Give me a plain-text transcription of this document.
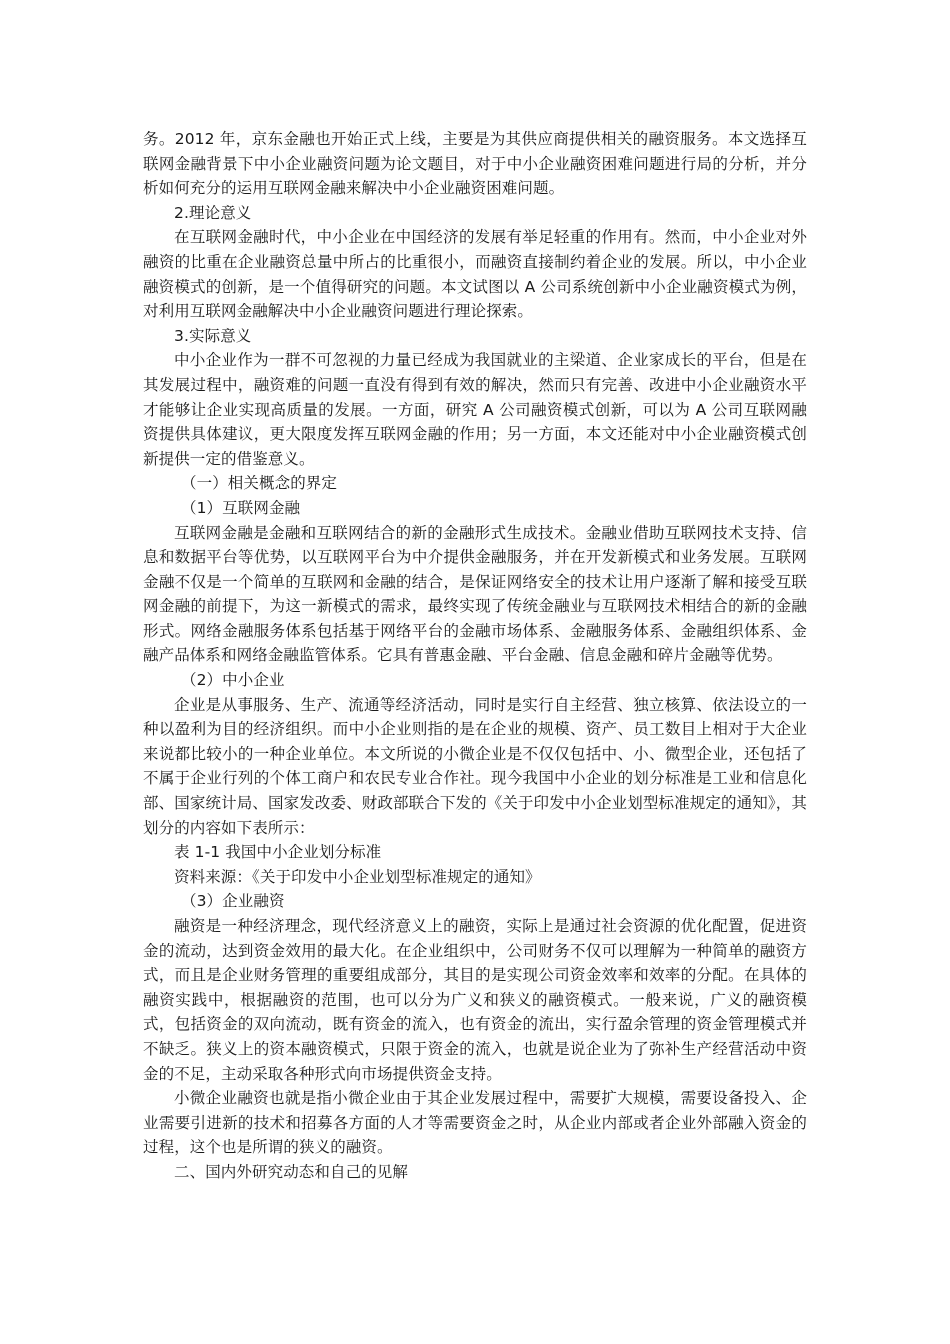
务。2012 年，京东金融也开始正式上线，主要是为其供应商提供相关的融资服务。本文选择互联网金融背景下中小企业融资问题为论文题目，对于中小企业融资困难问题进行局的分析，并分析如何充分的运用互联网金融来解决中小企业融资困难问题。

2.理论意义

在互联网金融时代，中小企业在中国经济的发展有举足轻重的作用有。然而，中小企业对外融资的比重在企业融资总量中所占的比重很小，而融资直接制约着企业的发展。所以，中小企业融资模式的创新，是一个值得研究的问题。本文试图以 A 公司系统创新中小企业融资模式为例，对利用互联网金融解决中小企业融资问题进行理论探索。

3.实际意义

中小企业作为一群不可忽视的力量已经成为我国就业的主梁道、企业家成长的平台，但是在其发展过程中，融资难的问题一直没有得到有效的解决，然而只有完善、改进中小企业融资水平才能够让企业实现高质量的发展。一方面，研究 A 公司融资模式创新，可以为 A 公司互联网融资提供具体建议，更大限度发挥互联网金融的作用；另一方面，本文还能对中小企业融资模式创新提供一定的借鉴意义。

（一）相关概念的界定

（1）互联网金融

互联网金融是金融和互联网结合的新的金融形式生成技术。金融业借助互联网技术支持、信息和数据平台等优势，以互联网平台为中介提供金融服务，并在开发新模式和业务发展。互联网金融不仅是一个简单的互联网和金融的结合，是保证网络安全的技术让用户逐渐了解和接受互联网金融的前提下，为这一新模式的需求，最终实现了传统金融业与互联网技术相结合的新的金融形式。网络金融服务体系包括基于网络平台的金融市场体系、金融服务体系、金融组织体系、金融产品体系和网络金融监管体系。它具有普惠金融、平台金融、信息金融和碎片金融等优势。

（2）中小企业

企业是从事服务、生产、流通等经济活动，同时是实行自主经营、独立核算、依法设立的一种以盈利为目的经济组织。而中小企业则指的是在企业的规模、资产、员工数目上相对于大企业来说都比较小的一种企业单位。本文所说的小微企业是不仅仅包括中、小、微型企业，还包括了不属于企业行列的个体工商户和农民专业合作社。现今我国中小企业的划分标准是工业和信息化部、国家统计局、国家发改委、财政部联合下发的《关于印发中小企业划型标准规定的通知》，其划分的内容如下表所示：

表 1-1 我国中小企业划分标准

资料来源：《关于印发中小企业划型标准规定的通知》

（3）企业融资

融资是一种经济理念，现代经济意义上的融资，实际上是通过社会资源的优化配置，促进资金的流动，达到资金效用的最大化。在企业组织中，公司财务不仅可以理解为一种简单的融资方式，而且是企业财务管理的重要组成部分，其目的是实现公司资金效率和效率的分配。在具体的融资实践中，根据融资的范围，也可以分为广义和狭义的融资模式。一般来说，广义的融资模式，包括资金的双向流动，既有资金的流入，也有资金的流出，实行盈余管理的资金管理模式并不缺乏。狭义上的资本融资模式，只限于资金的流入，也就是说企业为了弥补生产经营活动中资金的不足，主动采取各种形式向市场提供资金支持。

小微企业融资也就是指小微企业由于其企业发展过程中，需要扩大规模，需要设备投入、企业需要引进新的技术和招募各方面的人才等需要资金之时，从企业内部或者企业外部融入资金的过程，这个也是所谓的狭义的融资。

二、国内外研究动态和自己的见解
